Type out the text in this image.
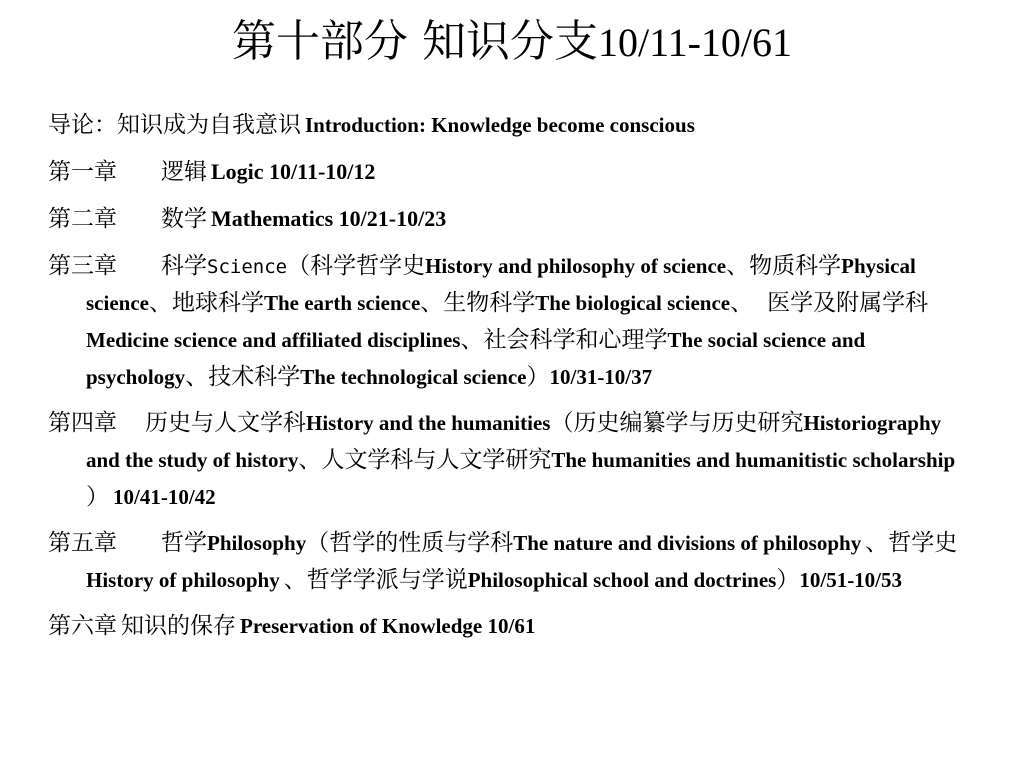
第十部分 知识分支10/11-10/61

导论：知识成为自我意识 Introduction: Knowledge become conscious

第一章 逻辑 Logic 10/11-10/12

第二章 数学 Mathematics 10/21-10/23

第三章 科学Science（科学哲学史History and philosophy of science、物质科学Physical science、地球科学The earth science、生物科学The biological science、 医学及附属学科Medicine science and affiliated disciplines、社会科学和心理学The social science and psychology、技术科学The technological science）10/31-10/37

第四章 历史与人文学科History and the humanities（历史编纂学与历史研究Historiography and the study of history、人文学科与人文学研究The humanities and humanitistic scholarship ） 10/41-10/42

第五章 哲学Philosophy（哲学的性质与学科The nature and divisions of philosophy 、哲学史History of philosophy 、哲学学派与学说Philosophical school and doctrines）10/51-10/53

第六章 知识的保存 Preservation of Knowledge 10/61
